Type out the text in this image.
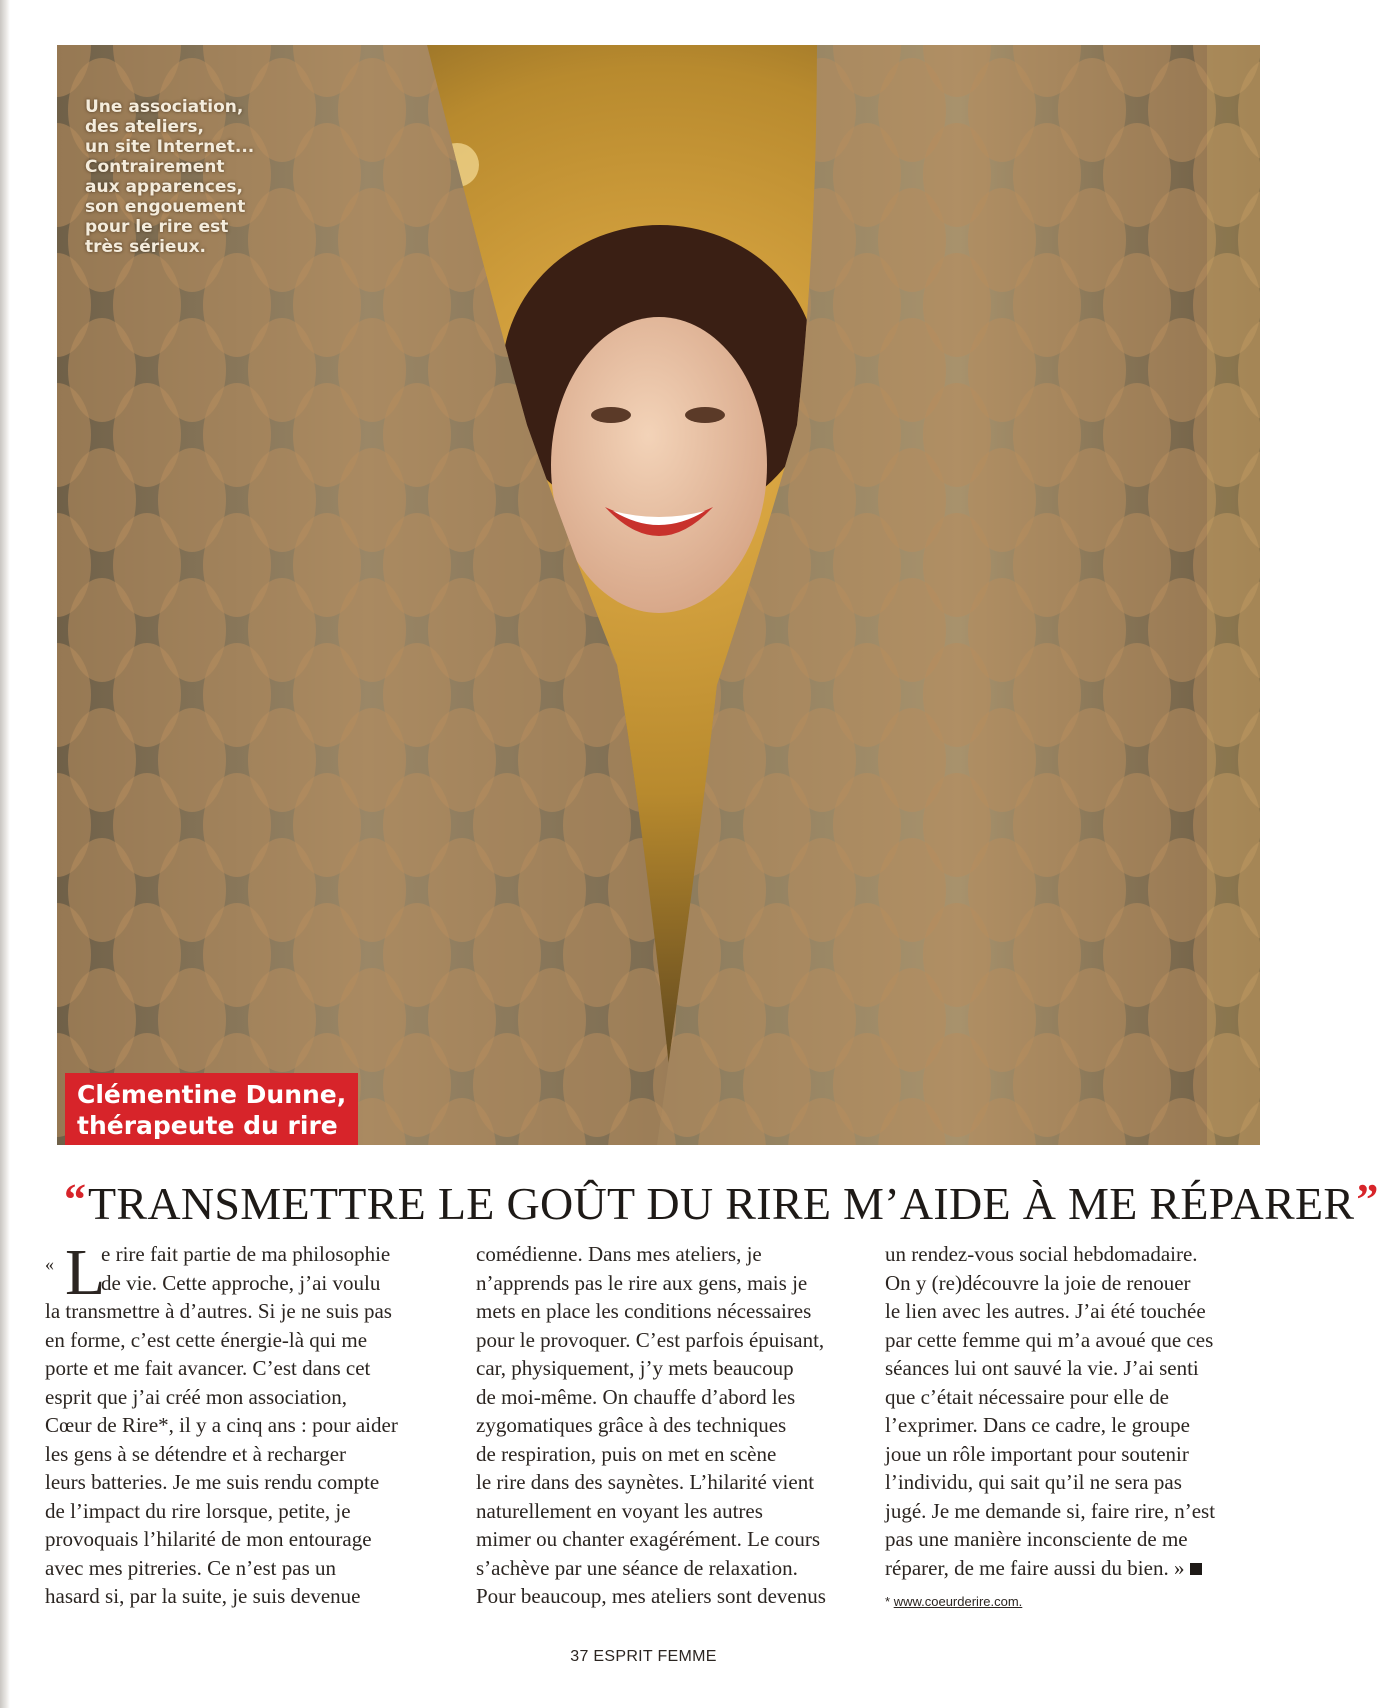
Une association,
des ateliers,
un site Internet...
Contrairement
aux apparences,
son engouement
pour le rire est
très sérieux.
Clémentine Dunne,
thérapeute du rire
“ TRANSMETTRE LE GOÛT DU RIRE M’AIDE À ME RÉPARER ”
« L
e rire fait partie de ma philosophie
de vie. Cette approche, j’ai voulu
la transmettre à d’autres. Si je ne suis pas
en forme, c’est cette énergie-là qui me
porte et me fait avancer. C’est dans cet
esprit que j’ai créé mon association,
Cœur de Rire*, il y a cinq ans : pour aider
les gens à se détendre et à recharger
leurs batteries. Je me suis rendu compte
de l’impact du rire lorsque, petite, je
provoquais l’hilarité de mon entourage
avec mes pitreries. Ce n’est pas un
hasard si, par la suite, je suis devenue
comédienne. Dans mes ateliers, je
n’apprends pas le rire aux gens, mais je
mets en place les conditions nécessaires
pour le provoquer. C’est parfois épuisant,
car, physiquement, j’y mets beaucoup
de moi-même. On chauffe d’abord les
zygomatiques grâce à des techniques
de respiration, puis on met en scène
le rire dans des saynètes. L’hilarité vient
naturellement en voyant les autres
mimer ou chanter exagérément. Le cours
s’achève par une séance de relaxation.
Pour beaucoup, mes ateliers sont devenus
un rendez-vous social hebdomadaire.
On y (re)découvre la joie de renouer
le lien avec les autres. J’ai été touchée
par cette femme qui m’a avoué que ces
séances lui ont sauvé la vie. J’ai senti
que c’était nécessaire pour elle de
l’exprimer. Dans ce cadre, le groupe
joue un rôle important pour soutenir
l’individu, qui sait qu’il ne sera pas
jugé. Je me demande si, faire rire, n’est
pas une manière inconsciente de me
réparer, de me faire aussi du bien. »
* www.coeurderire.com.
37 ESPRIT FEMME
